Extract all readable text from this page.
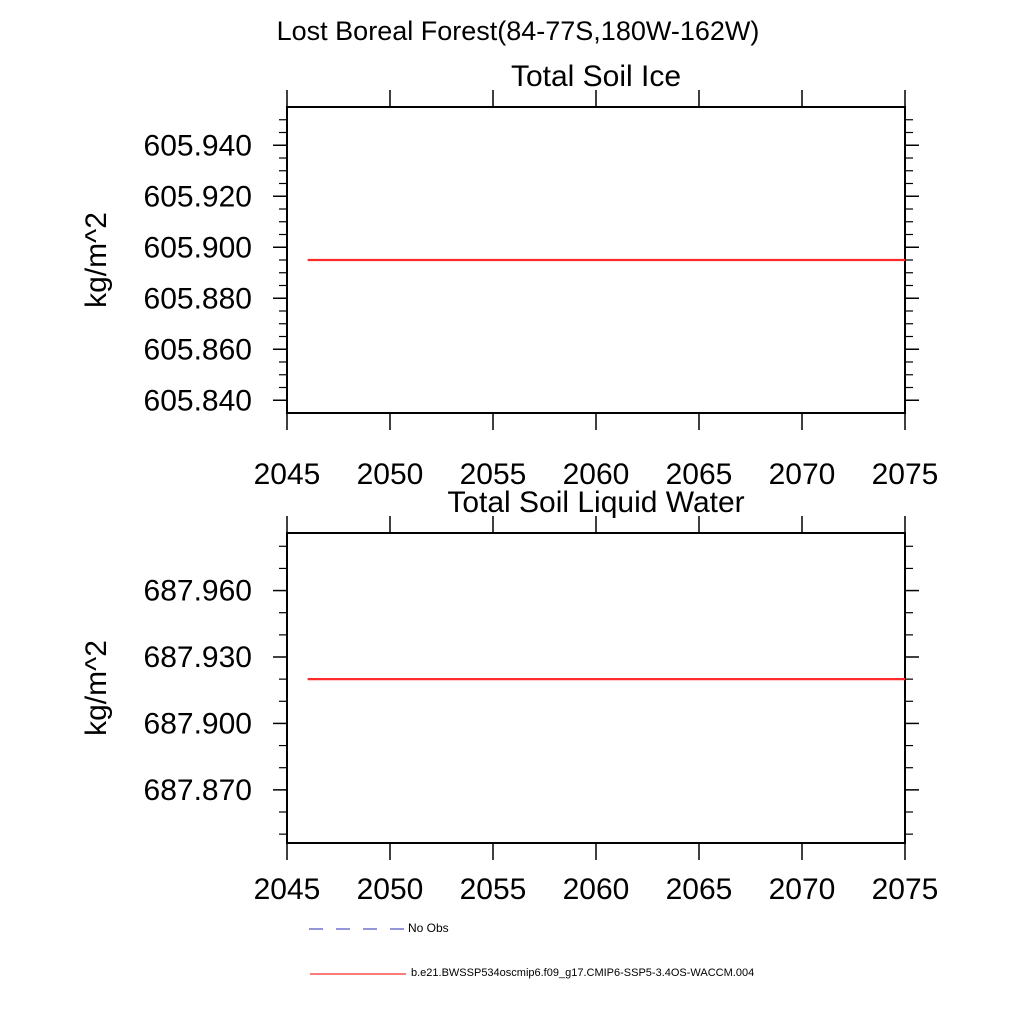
Lost Boreal Forest(84-77S,180W-162W)
Total Soil Ice
Total Soil Liquid Water
kg/m^2
kg/m^2
2045 2050 2055 2060 2065 2070 2075
605.840
605.860
605.880
605.900
605.920
605.940
2045 2050 2055 2060 2065 2070 2075
687.870
687.900
687.930
687.960
No Obs
b.e21.BWSSP534oscmip6.f09_g17.CMIP6-SSP5-3.4OS-WACCM.004
